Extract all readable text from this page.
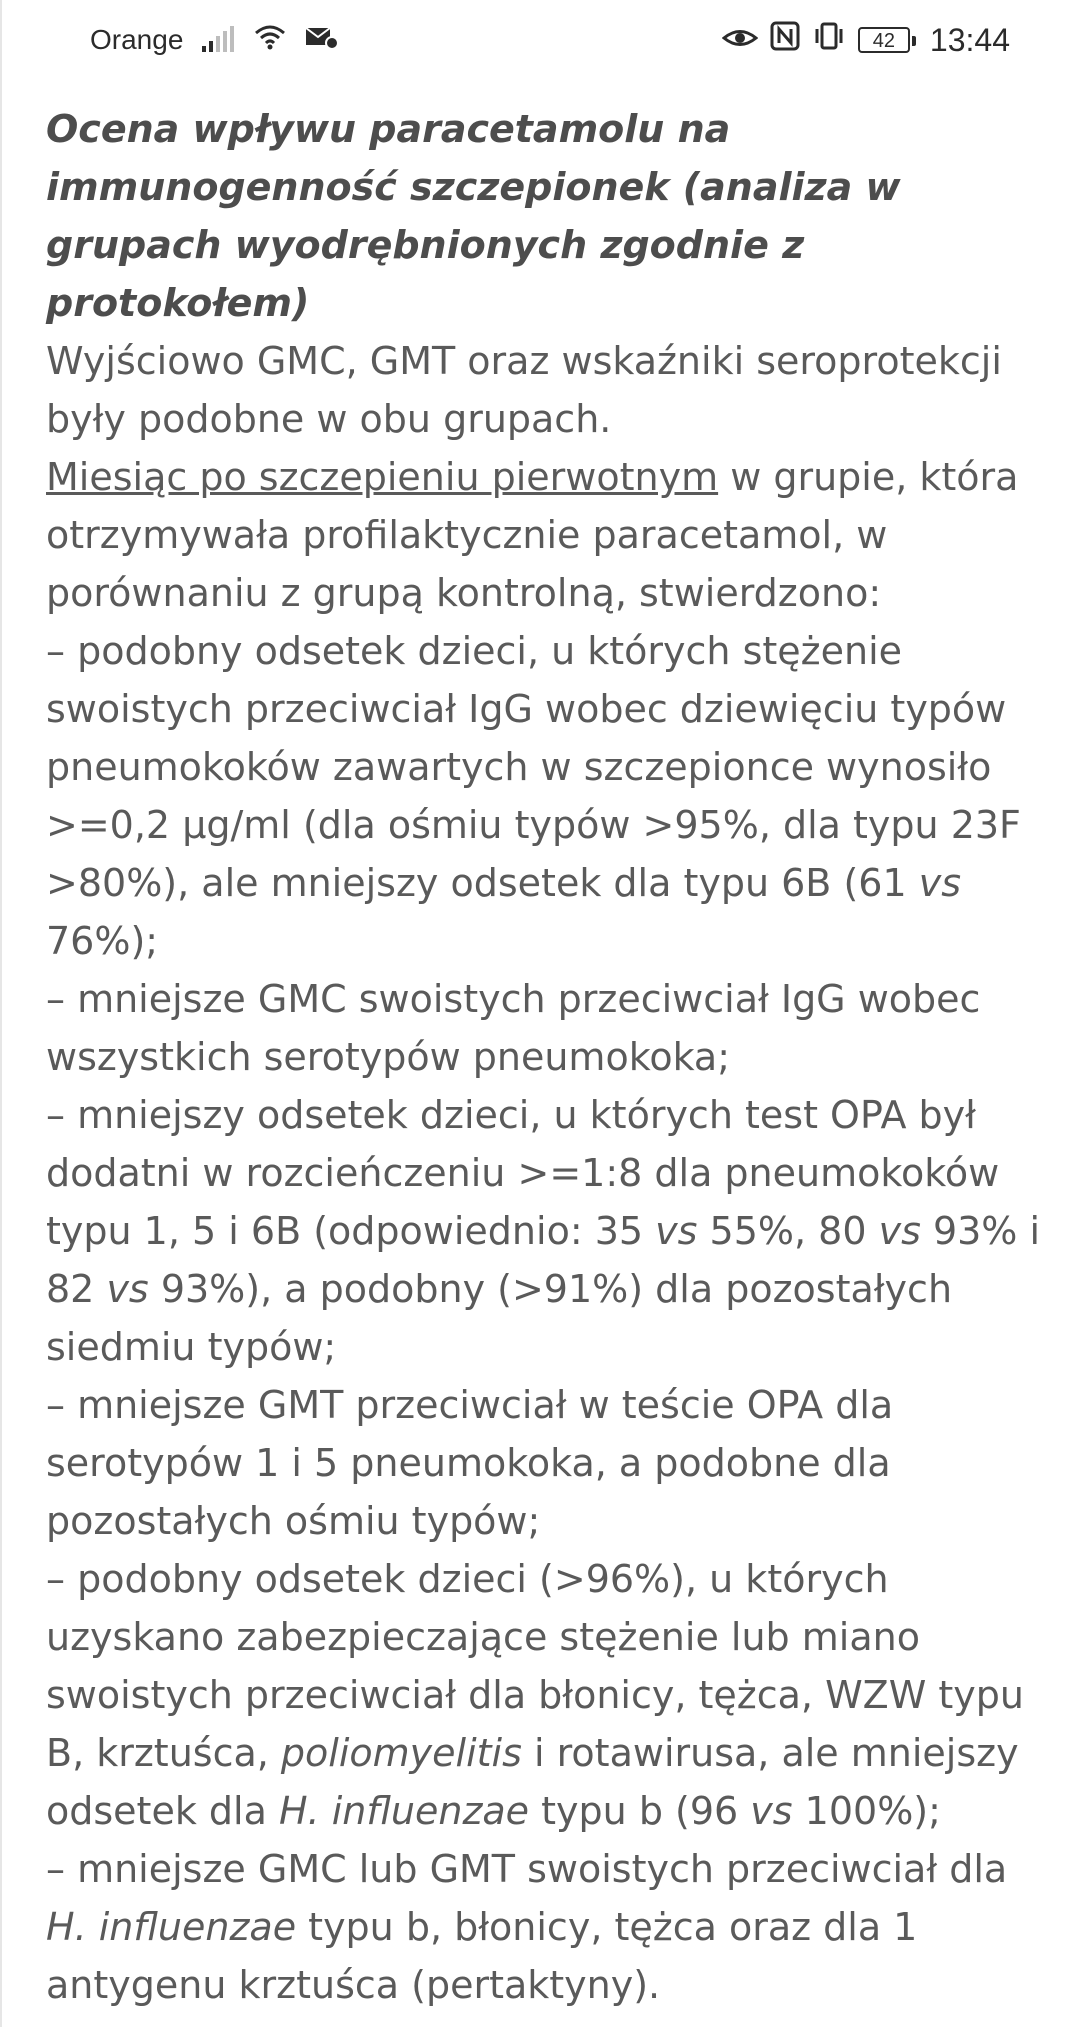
Orange	42	13:44

Ocena wpływu paracetamolu na immunogenność szczepionek (analiza w grupach wyodrębnionych zgodnie z protokołem)

Wyjściowo GMC, GMT oraz wskaźniki seroprotekcji były podobne w obu grupach.

Miesiąc po szczepieniu pierwotnym w grupie, która otrzymywała profilaktycznie paracetamol, w porównaniu z grupą kontrolną, stwierdzono:

– podobny odsetek dzieci, u których stężenie swoistych przeciwciał IgG wobec dziewięciu typów pneumokoków zawartych w szczepionce wynosiło >=0,2 µg/ml (dla ośmiu typów >95%, dla typu 23F >80%), ale mniejszy odsetek dla typu 6B (61 vs 76%);

– mniejsze GMC swoistych przeciwciał IgG wobec wszystkich serotypów pneumokoka;

– mniejszy odsetek dzieci, u których test OPA był dodatni w rozcieńczeniu >=1:8 dla pneumokoków typu 1, 5 i 6B (odpowiednio: 35 vs 55%, 80 vs 93% i 82 vs 93%), a podobny (>91%) dla pozostałych siedmiu typów;

– mniejsze GMT przeciwciał w teście OPA dla serotypów 1 i 5 pneumokoka, a podobne dla pozostałych ośmiu typów;

– podobny odsetek dzieci (>96%), u których uzyskano zabezpieczające stężenie lub miano swoistych przeciwciał dla błonicy, tężca, WZW typu B, krztuśca, poliomyelitis i rotawirusa, ale mniejszy odsetek dla H. influenzae typu b (96 vs 100%);

– mniejsze GMC lub GMT swoistych przeciwciał dla H. influenzae typu b, błonicy, tężca oraz dla 1 antygenu krztuśca (pertaktyny).
